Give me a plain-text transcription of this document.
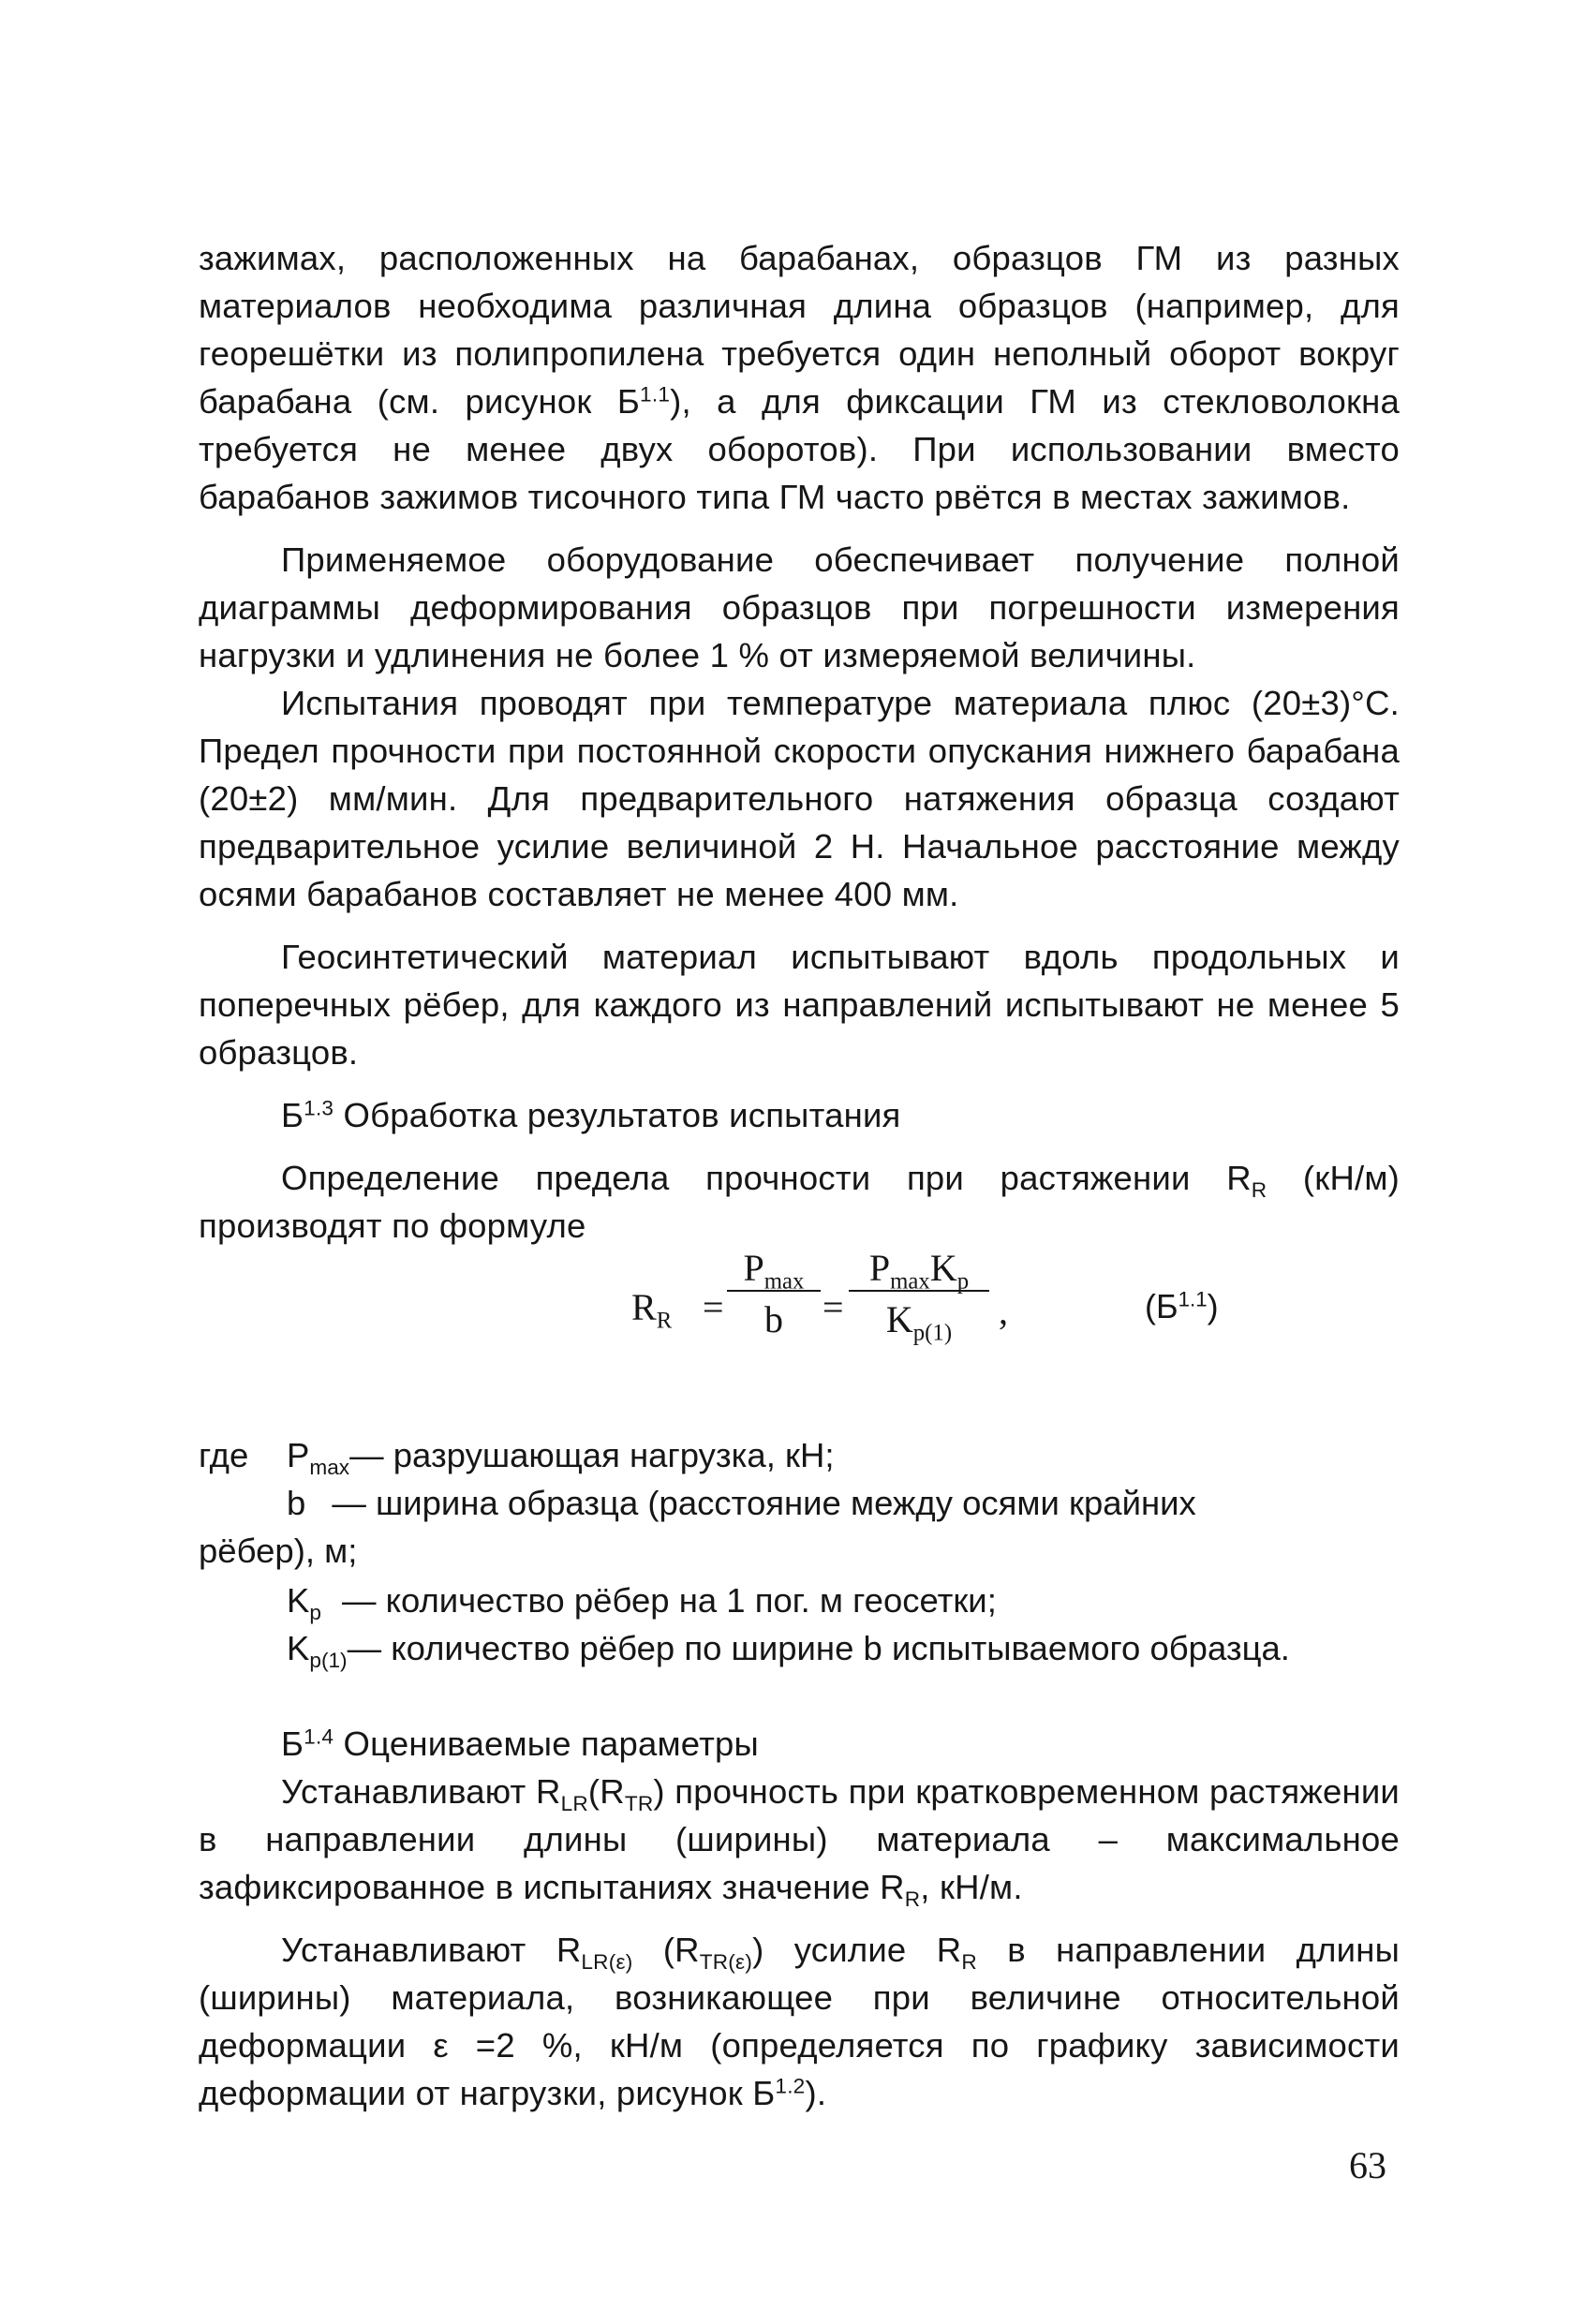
зажимах, расположенных на барабанах, образцов ГМ из разных материалов необходима различная длина образцов (например, для георешётки из полипропилена требуется один неполный оборот вокруг барабана (см. рисунок $Б^{1.1}$), а для фиксации ГМ из стекловолокна требуется не менее двух оборотов). При использовании вместо барабанов зажимов тисочного типа ГМ часто рвётся в местах зажимов.

Применяемое оборудование обеспечивает получение полной диаграммы деформирования образцов при погрешности измерения нагрузки и удлинения не более 1 % от измеряемой величины.

Испытания проводят при температуре материала плюс (20±3)°С. Предел прочности при постоянной скорости опускания нижнего барабана (20±2) мм/мин. Для предварительного натяжения образца создают предварительное усилие величиной 2 Н. Начальное расстояние между осями барабанов составляет не менее 400 мм.

Геосинтетический материал испытывают вдоль продольных и поперечных рёбер, для каждого из направлений испытывают не менее 5 образцов.

$Б^{1.3}$ Обработка результатов испытания

Определение предела прочности при растяжении $R_R$ (кН/м) производят по формуле

$R_R$ =
$P_{max}$
b	=
$P_{max}K_p$
$K_{p(1)}$
,	$(Б^{1.1})$
где $P_{max}—$ разрушающая нагрузка, кН;
b — ширина образца (расстояние между осями крайних
рёбер), м;
$K_p$ — количество рёбер на 1 пог. м геосетки;
$K_{p(1)}—$ количество рёбер по ширине b испытываемого образца.

$Б^{1.4}$ Оцениваемые параметры

Устанавливают $R_{LR}(R_{TR})$ прочность при кратковременном растяжении в направлении длины (ширины) материала – максимальное зафиксированное в испытаниях значение $R_R$, кН/м.

Устанавливают $R_{LR(\varepsilon)}$ $(R_{TR(\varepsilon)})$ усилие $R_R$ в направлении длины (ширины) материала, возникающее при величине относительной деформации ε =2 %, кН/м (определяется по графику зависимости деформации от нагрузки, рисунок $Б^{1.2}$).

63
